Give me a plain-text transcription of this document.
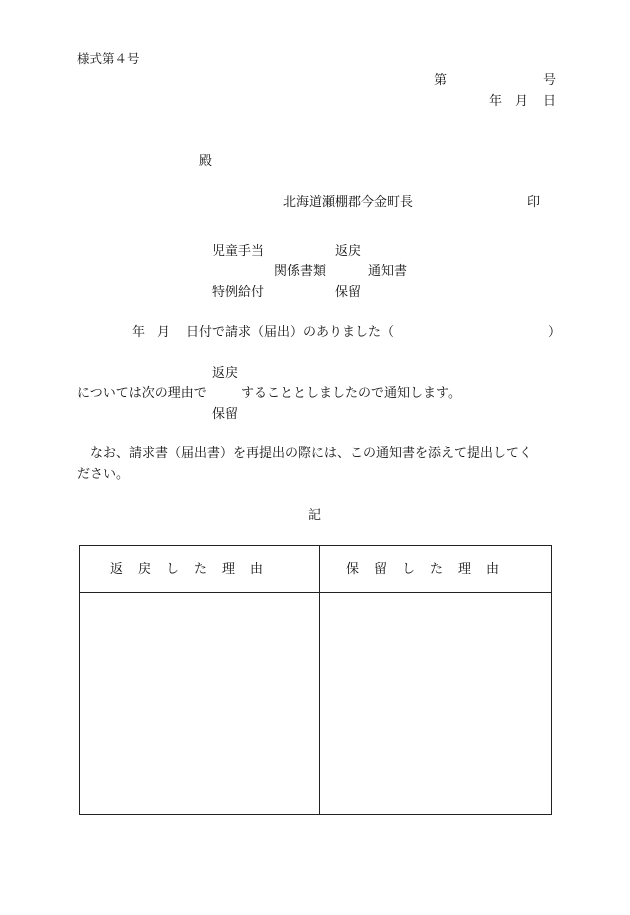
様式第４号
第	号
年 月 日
殿
北海道瀬棚郡今金町長	印
児童手当
関係書類
特例給付
返戻
通知書
保留
年 月 日付で請求（届出）のありました（	）
返戻
については次の理由で	することとしましたので通知します。
保留
　なお、請求書（届出書）を再提出の際には、この通知書を添えて提出してく
ださい。
記
返戻した理由	保留した理由
